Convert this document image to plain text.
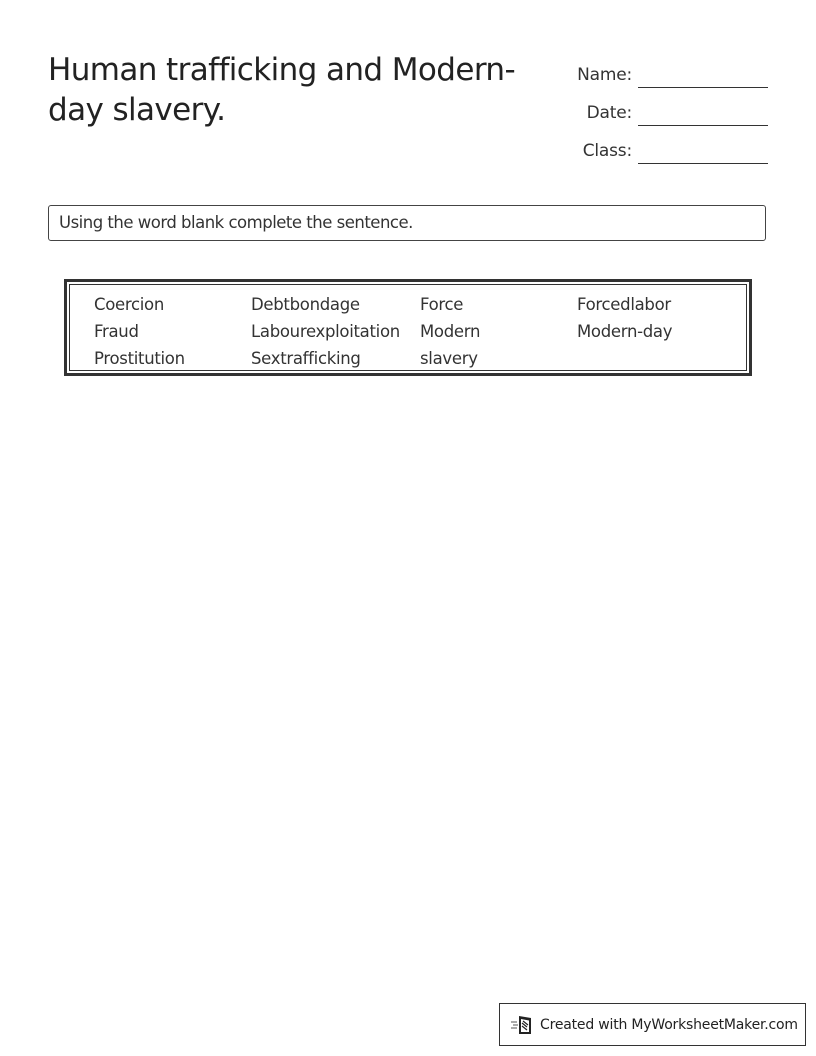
Human trafficking and Modern-day slavery.
Name:
Date:
Class:
Using the word blank complete the sentence.
Coercion	Debtbondage	Force	Forcedlabor
Fraud	Labourexploitation	Modern	Modern-day
Prostitution	Sextrafficking	slavery
Created with MyWorksheetMaker.com
